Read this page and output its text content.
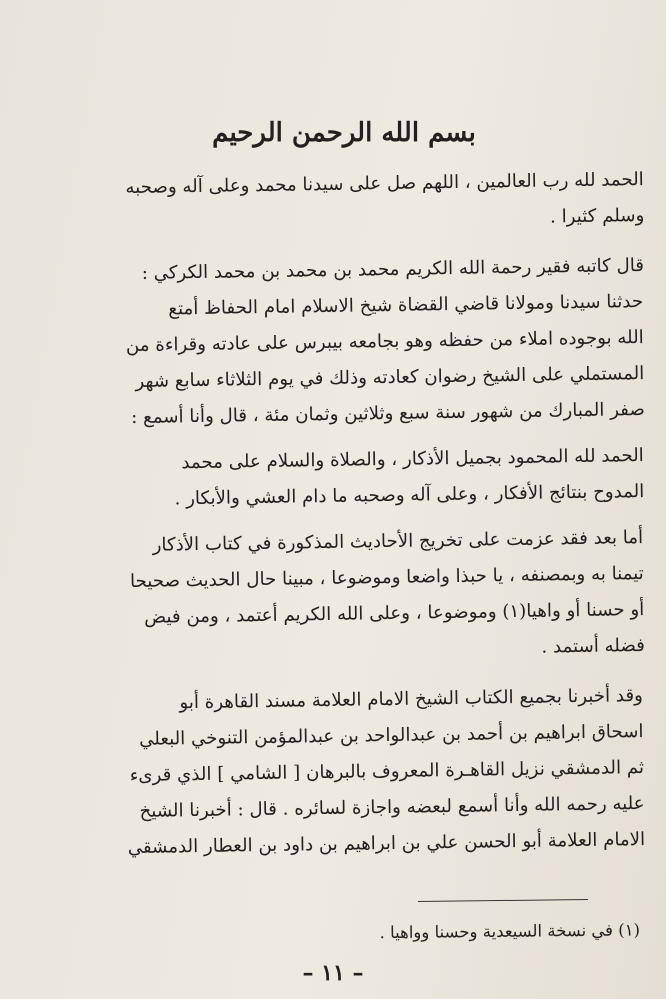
بسم الله الرحمن الرحيم
الحمد لله رب العالمين ، اللهم صل على سيدنا محمد وعلى آله وصحبه
وسلم كثيرا .
قال كاتبه فقير رحمة الله الكريم محمد بن محمد بن محمد الكركي :
حدثنا سيدنا ومولانا قاضي القضاة شيخ الاسلام امام الحفاظ أمتع
الله بوجوده املاء من حفظه وهو بجامعه بيبرس على عادته وقراءة من
المستملي على الشيخ رضوان كعادته وذلك في يوم الثلاثاء سابع شهر
صفر المبارك من شهور سنة سبع وثلاثين وثمان مئة ، قال وأنا أسمع :
الحمد لله المحمود بجميل الأذكار ، والصلاة والسلام على محمد
المدوح بنتائج الأفكار ، وعلى آله وصحبه ما دام العشي والأبكار .
أما بعد فقد عزمت على تخريج الأحاديث المذكورة في كتاب الأذكار
تيمنا به وبمصنفه ، يا حبذا واضعا وموضوعا ، مبينا حال الحديث صحيحا
أو حسنا أو واهيا(١) وموضوعا ، وعلى الله الكريم أعتمد ، ومن فيض
فضله أستمد .
وقد أخبرنا بجميع الكتاب الشيخ الامام العلامة مسند القاهرة أبو
اسحاق ابراهيم بن أحمد بن عبدالواحد بن عبدالمؤمن التنوخي البعلي
ثم الدمشقي نزيل القاهـرة المعروف بالبرهان [ الشامي ] الذي قرىء
عليه رحمه الله وأنا أسمع لبعضه واجازة لسائره . قال : أخبرنا الشيخ
الامام العلامة أبو الحسن علي بن ابراهيم بن داود بن العطار الدمشقي
(١) في نسخة السيعدية وحسنا وواهيا .
– ١١ –
